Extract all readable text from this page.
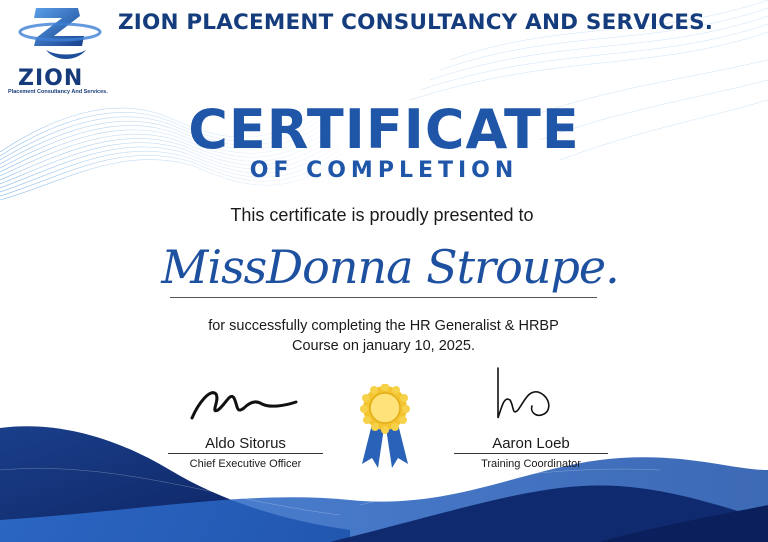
ZION
Placement Consultancy And Services.
ZION PLACEMENT CONSULTANCY AND SERVICES.
CERTIFICATE
OF COMPLETION
This certificate is proudly presented to
MissDonna Stroupe.
for successfully completing the HR Generalist & HRBP
Course on january 10, 2025.
Aldo Sitorus
Chief Executive Officer
Aaron Loeb
Training Coordinator
